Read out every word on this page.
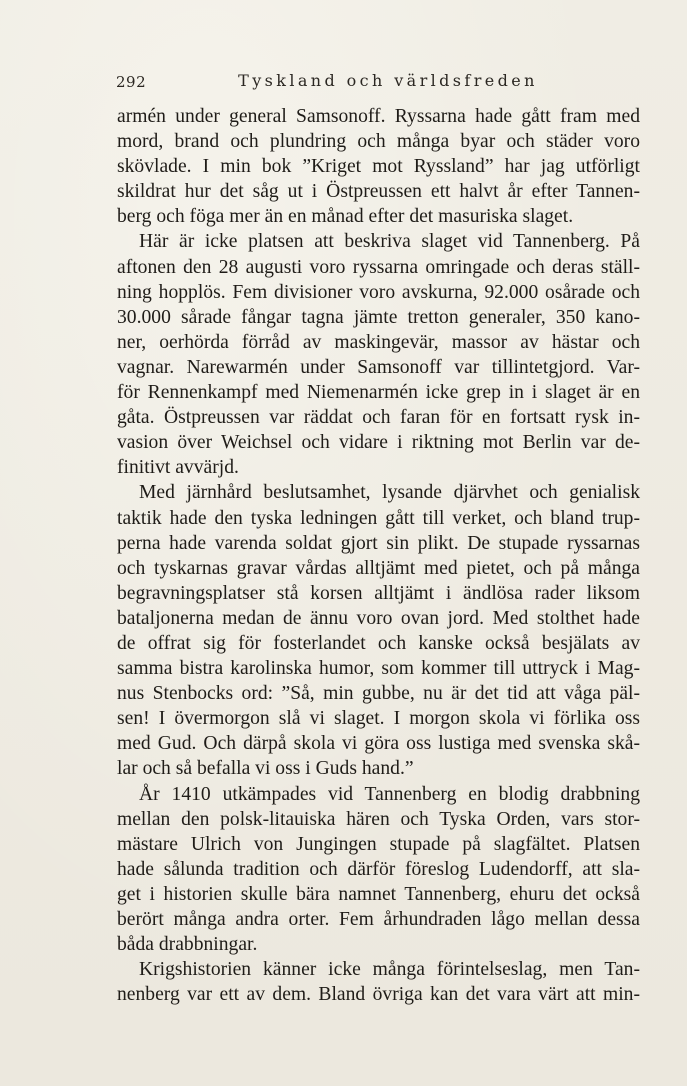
292	Tyskland och världsfreden
armén under general Samsonoff. Ryssarna hade gått fram med
mord, brand och plundring och många byar och städer voro
skövlade. I min bok ”Kriget mot Ryssland” har jag utförligt
skildrat hur det såg ut i Östpreussen ett halvt år efter Tannen-
berg och föga mer än en månad efter det masuriska slaget.
Här är icke platsen att beskriva slaget vid Tannenberg. På
aftonen den 28 augusti voro ryssarna omringade och deras ställ-
ning hopplös. Fem divisioner voro avskurna, 92.000 osårade och
30.000 sårade fångar tagna jämte tretton generaler, 350 kano-
ner, oerhörda förråd av maskingevär, massor av hästar och
vagnar. Narewarmén under Samsonoff var tillintetgjord. Var-
för Rennenkampf med Niemenarmén icke grep in i slaget är en
gåta. Östpreussen var räddat och faran för en fortsatt rysk in-
vasion över Weichsel och vidare i riktning mot Berlin var de-
finitivt avvärjd.
Med järnhård beslutsamhet, lysande djärvhet och genialisk
taktik hade den tyska ledningen gått till verket, och bland trup-
perna hade varenda soldat gjort sin plikt. De stupade ryssarnas
och tyskarnas gravar vårdas alltjämt med pietet, och på många
begravningsplatser stå korsen alltjämt i ändlösa rader liksom
bataljonerna medan de ännu voro ovan jord. Med stolthet hade
de offrat sig för fosterlandet och kanske också besjälats av
samma bistra karolinska humor, som kommer till uttryck i Mag-
nus Stenbocks ord: ”Så, min gubbe, nu är det tid att våga päl-
sen! I övermorgon slå vi slaget. I morgon skola vi förlika oss
med Gud. Och därpå skola vi göra oss lustiga med svenska skå-
lar och så befalla vi oss i Guds hand.”
År 1410 utkämpades vid Tannenberg en blodig drabbning
mellan den polsk-litauiska hären och Tyska Orden, vars stor-
mästare Ulrich von Jungingen stupade på slagfältet. Platsen
hade sålunda tradition och därför föreslog Ludendorff, att sla-
get i historien skulle bära namnet Tannenberg, ehuru det också
berört många andra orter. Fem århundraden lågo mellan dessa
båda drabbningar.
Krigshistorien känner icke många förintelseslag, men Tan-
nenberg var ett av dem. Bland övriga kan det vara värt att min-
